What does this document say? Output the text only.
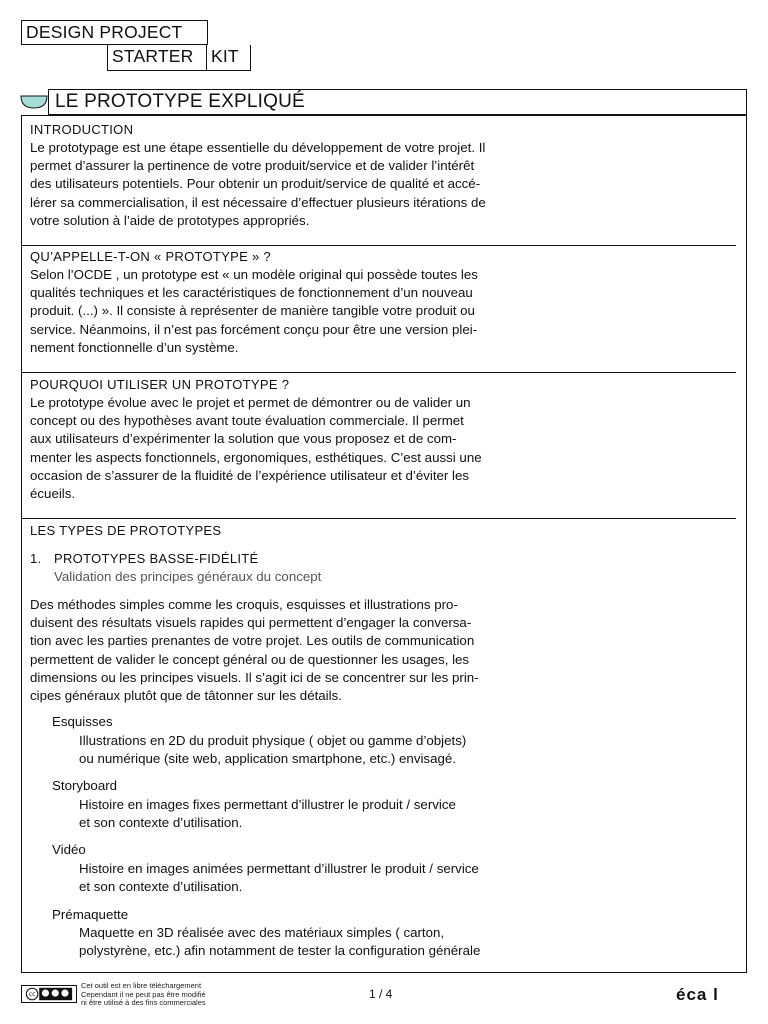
DESIGN PROJECT
STARTER	KIT
LE PROTOTYPE EXPLIQUÉ
INTRODUCTION
Le prototypage est une étape essentielle du développement de votre projet. Il
permet d’assurer la pertinence de votre produit/service et de valider l’intérêt
des utilisateurs potentiels. Pour obtenir un produit/service de qualité et accé-
lérer sa commercialisation, il est nécessaire d’effectuer plusieurs itérations de
votre solution à l’aide de prototypes appropriés.
QU’APPELLE-T-ON « PROTOTYPE » ?
Selon l’OCDE , un prototype est « un modèle original qui possède toutes les
qualités techniques et les caractéristiques de fonctionnement d’un nouveau
produit. (...) ». Il consiste à représenter de manière tangible votre produit ou
service. Néanmoins, il n’est pas forcément conçu pour être une version plei-
nement fonctionnelle d’un système.
POURQUOI UTILISER UN PROTOTYPE ?
Le prototype évolue avec le projet et permet de démontrer ou de valider un
concept ou des hypothèses avant toute évaluation commerciale. Il permet
aux utilisateurs d’expérimenter la solution que vous proposez et de com-
menter les aspects fonctionnels, ergonomiques, esthétiques. C’est aussi une
occasion de s’assurer de la fluidité de l’expérience utilisateur et d’éviter les
écueils.
LES TYPES DE PROTOTYPES
1. PROTOTYPES BASSE-FIDÉLITÉ
Validation des principes généraux du concept
Des méthodes simples comme les croquis, esquisses et illustrations pro-
duisent des résultats visuels rapides qui permettent d’engager la conversa-
tion avec les parties prenantes de votre projet. Les outils de communication
permettent de valider le concept général ou de questionner les usages, les
dimensions ou les principes visuels. Il s’agit ici de se concentrer sur les prin-
cipes généraux plutôt que de tâtonner sur les détails.
Esquisses
Illustrations en 2D du produit physique ( objet ou gamme d’objets)
ou numérique (site web, application smartphone, etc.) envisagé.
Storyboard
Histoire en images fixes permettant d’illustrer le produit / service
et son contexte d’utilisation.
Vidéo
Histoire en images animées permettant d’illustrer le produit / service
et son contexte d’utilisation.
Prémaquette
Maquette en 3D réalisée avec des matériaux simples ( carton,
polystyrène, etc.) afin notamment de tester la configuration générale
cc
Cet outil est en libre téléchargement
Cependant il ne peut pas être modifié
ni être utilisé à des fins commerciales
1 / 4	éca l
